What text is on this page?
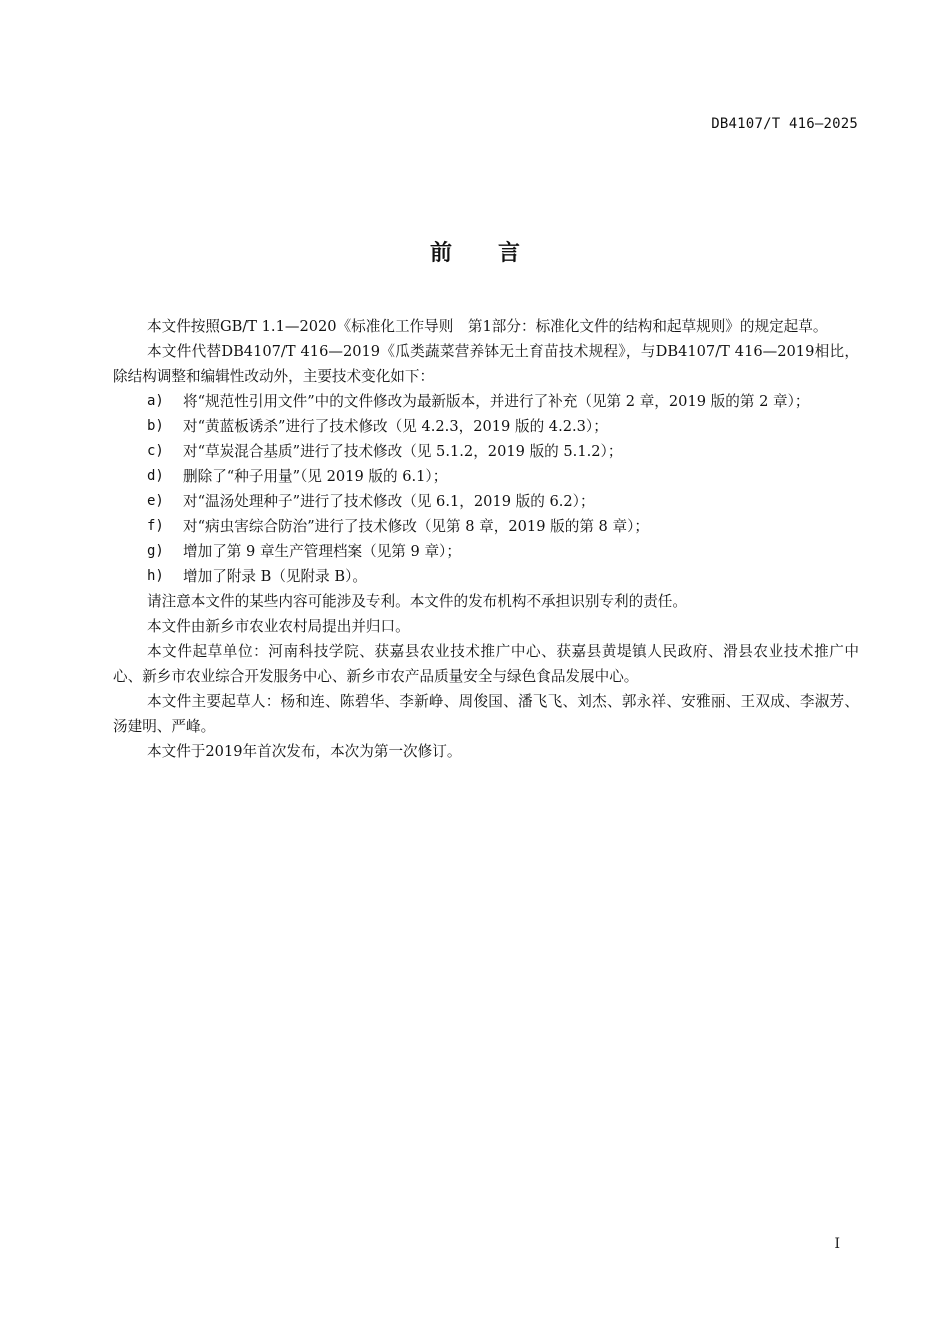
DB4107/T 416—2025
前言

本文件按照GB/T 1.1—2020《标准化工作导则　第1部分：标准化文件的结构和起草规则》的规定起草。

本文件代替DB4107/T 416—2019《瓜类蔬菜营养钵无土育苗技术规程》，与DB4107/T 416—2019相比，除结构调整和编辑性改动外，主要技术变化如下：

a)	将“规范性引用文件”中的文件修改为最新版本，并进行了补充（见第 2 章，2019 版的第 2 章）；
b)	对“黄蓝板诱杀”进行了技术修改（见 4.2.3，2019 版的 4.2.3）；
c)	对“草炭混合基质”进行了技术修改（见 5.1.2，2019 版的 5.1.2）；
d)	删除了“种子用量”（见 2019 版的 6.1）；
e)	对“温汤处理种子”进行了技术修改（见 6.1，2019 版的 6.2）；
f)	对“病虫害综合防治”进行了技术修改（见第 8 章，2019 版的第 8 章）；
g)	增加了第 9 章生产管理档案（见第 9 章）；
h)	增加了附录 B（见附录 B）。

请注意本文件的某些内容可能涉及专利。本文件的发布机构不承担识别专利的责任。

本文件由新乡市农业农村局提出并归口。

本文件起草单位：河南科技学院、获嘉县农业技术推广中心、获嘉县黄堤镇人民政府、滑县农业技术推广中心、新乡市农业综合开发服务中心、新乡市农产品质量安全与绿色食品发展中心。

本文件主要起草人：杨和连、陈碧华、李新峥、周俊国、潘飞飞、刘杰、郭永祥、安雅丽、王双成、李淑芳、汤建明、严峰。

本文件于2019年首次发布，本次为第一次修订。

I
